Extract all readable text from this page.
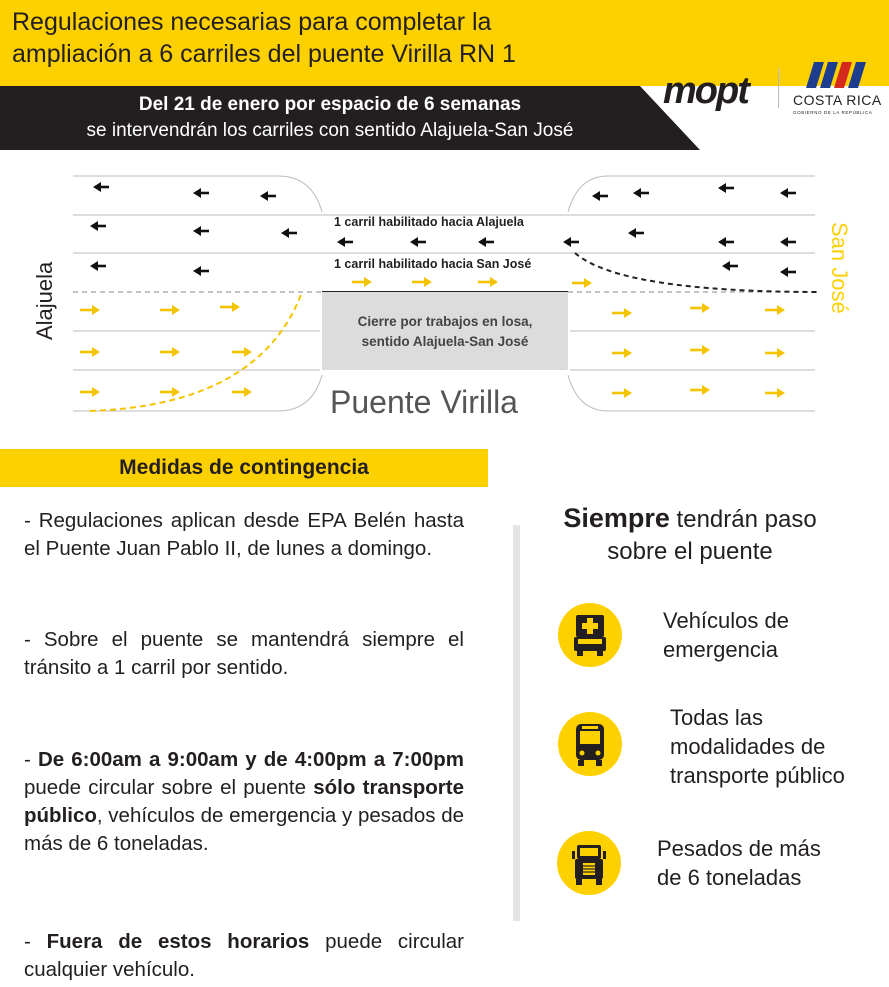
Regulaciones necesarias para completar la
ampliación a 6 carriles del puente Virilla RN 1
Del 21 de enero por espacio de 6 semanas
se intervendrán los carriles con sentido Alajuela-San José
mopt	COSTA RICA
GOBIERNO DE LA REPÚBLICA
Alajuela	San José
1 carril habilitado hacia Alajuela
1 carril habilitado hacia San José
Cierre por trabajos en losa,
sentido Alajuela-San José
Puente Virilla
Medidas de contingencia
- Regulaciones aplican desde EPA Belén hasta el Puente Juan Pablo II, de lunes a domingo.
- Sobre el puente se mantendrá siempre el tránsito a 1 carril por sentido.
- De 6:00am a 9:00am y de 4:00pm a 7:00pm puede circular sobre el puente sólo transporte público, vehículos de emergencia y pesados de más de 6 toneladas.
- Fuera de estos horarios puede circular cualquier vehículo.
Siempre tendrán paso
sobre el puente
Vehículos de
emergencia
Todas las
modalidades de
transporte público
Pesados de más
de 6 toneladas
